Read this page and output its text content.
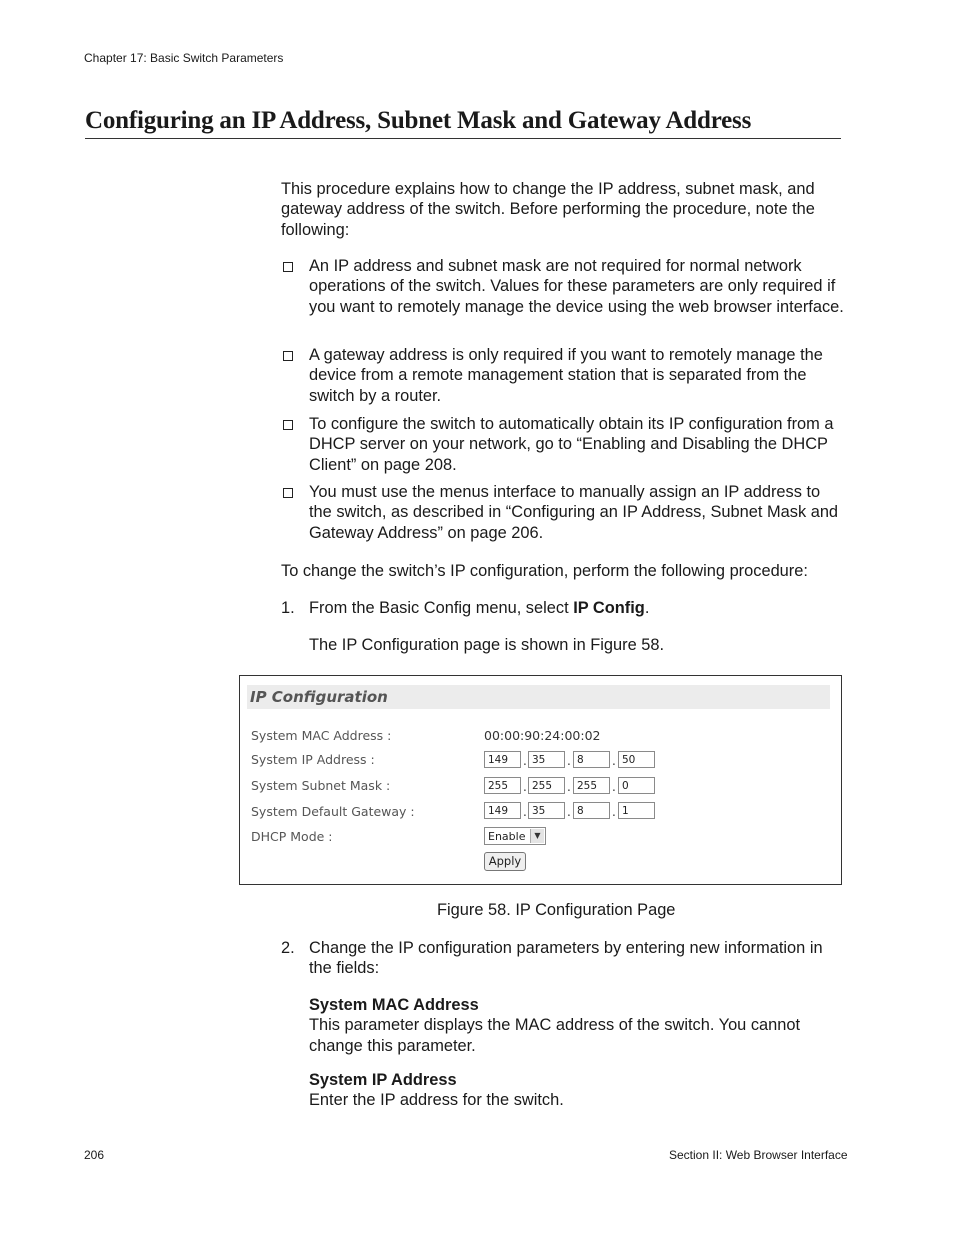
Chapter 17: Basic Switch Parameters
Configuring an IP Address, Subnet Mask and Gateway Address
This procedure explains how to change the IP address, subnet mask, and gateway address of the switch. Before performing the procedure, note the following:
An IP address and subnet mask are not required for normal network operations of the switch. Values for these parameters are only required if you want to remotely manage the device using the web browser interface.
A gateway address is only required if you want to remotely manage the device from a remote management station that is separated from the switch by a router.
To configure the switch to automatically obtain its IP configuration from a DHCP server on your network, go to “Enabling and Disabling the DHCP Client” on page 208.
You must use the menus interface to manually assign an IP address to the switch, as described in “Configuring an IP Address, Subnet Mask and Gateway Address” on page 206.
To change the switch’s IP configuration, perform the following procedure:
1. From the Basic Config menu, select IP Config.
The IP Configuration page is shown in Figure 58.
IP Configuration
System MAC Address :	00:00:90:24:00:02
System IP Address :	149	. 35	. 8	. 50
System Subnet Mask :	255	. 255	. 255	. 0
System Default Gateway :	149	. 35	. 8	. 1
DHCP Mode :	Enable	▼
Apply
Figure 58. IP Configuration Page
2. Change the IP configuration parameters by entering new information in the fields:
System MAC Address
This parameter displays the MAC address of the switch. You cannot change this parameter.
System IP Address
Enter the IP address for the switch.
206	Section II: Web Browser Interface
